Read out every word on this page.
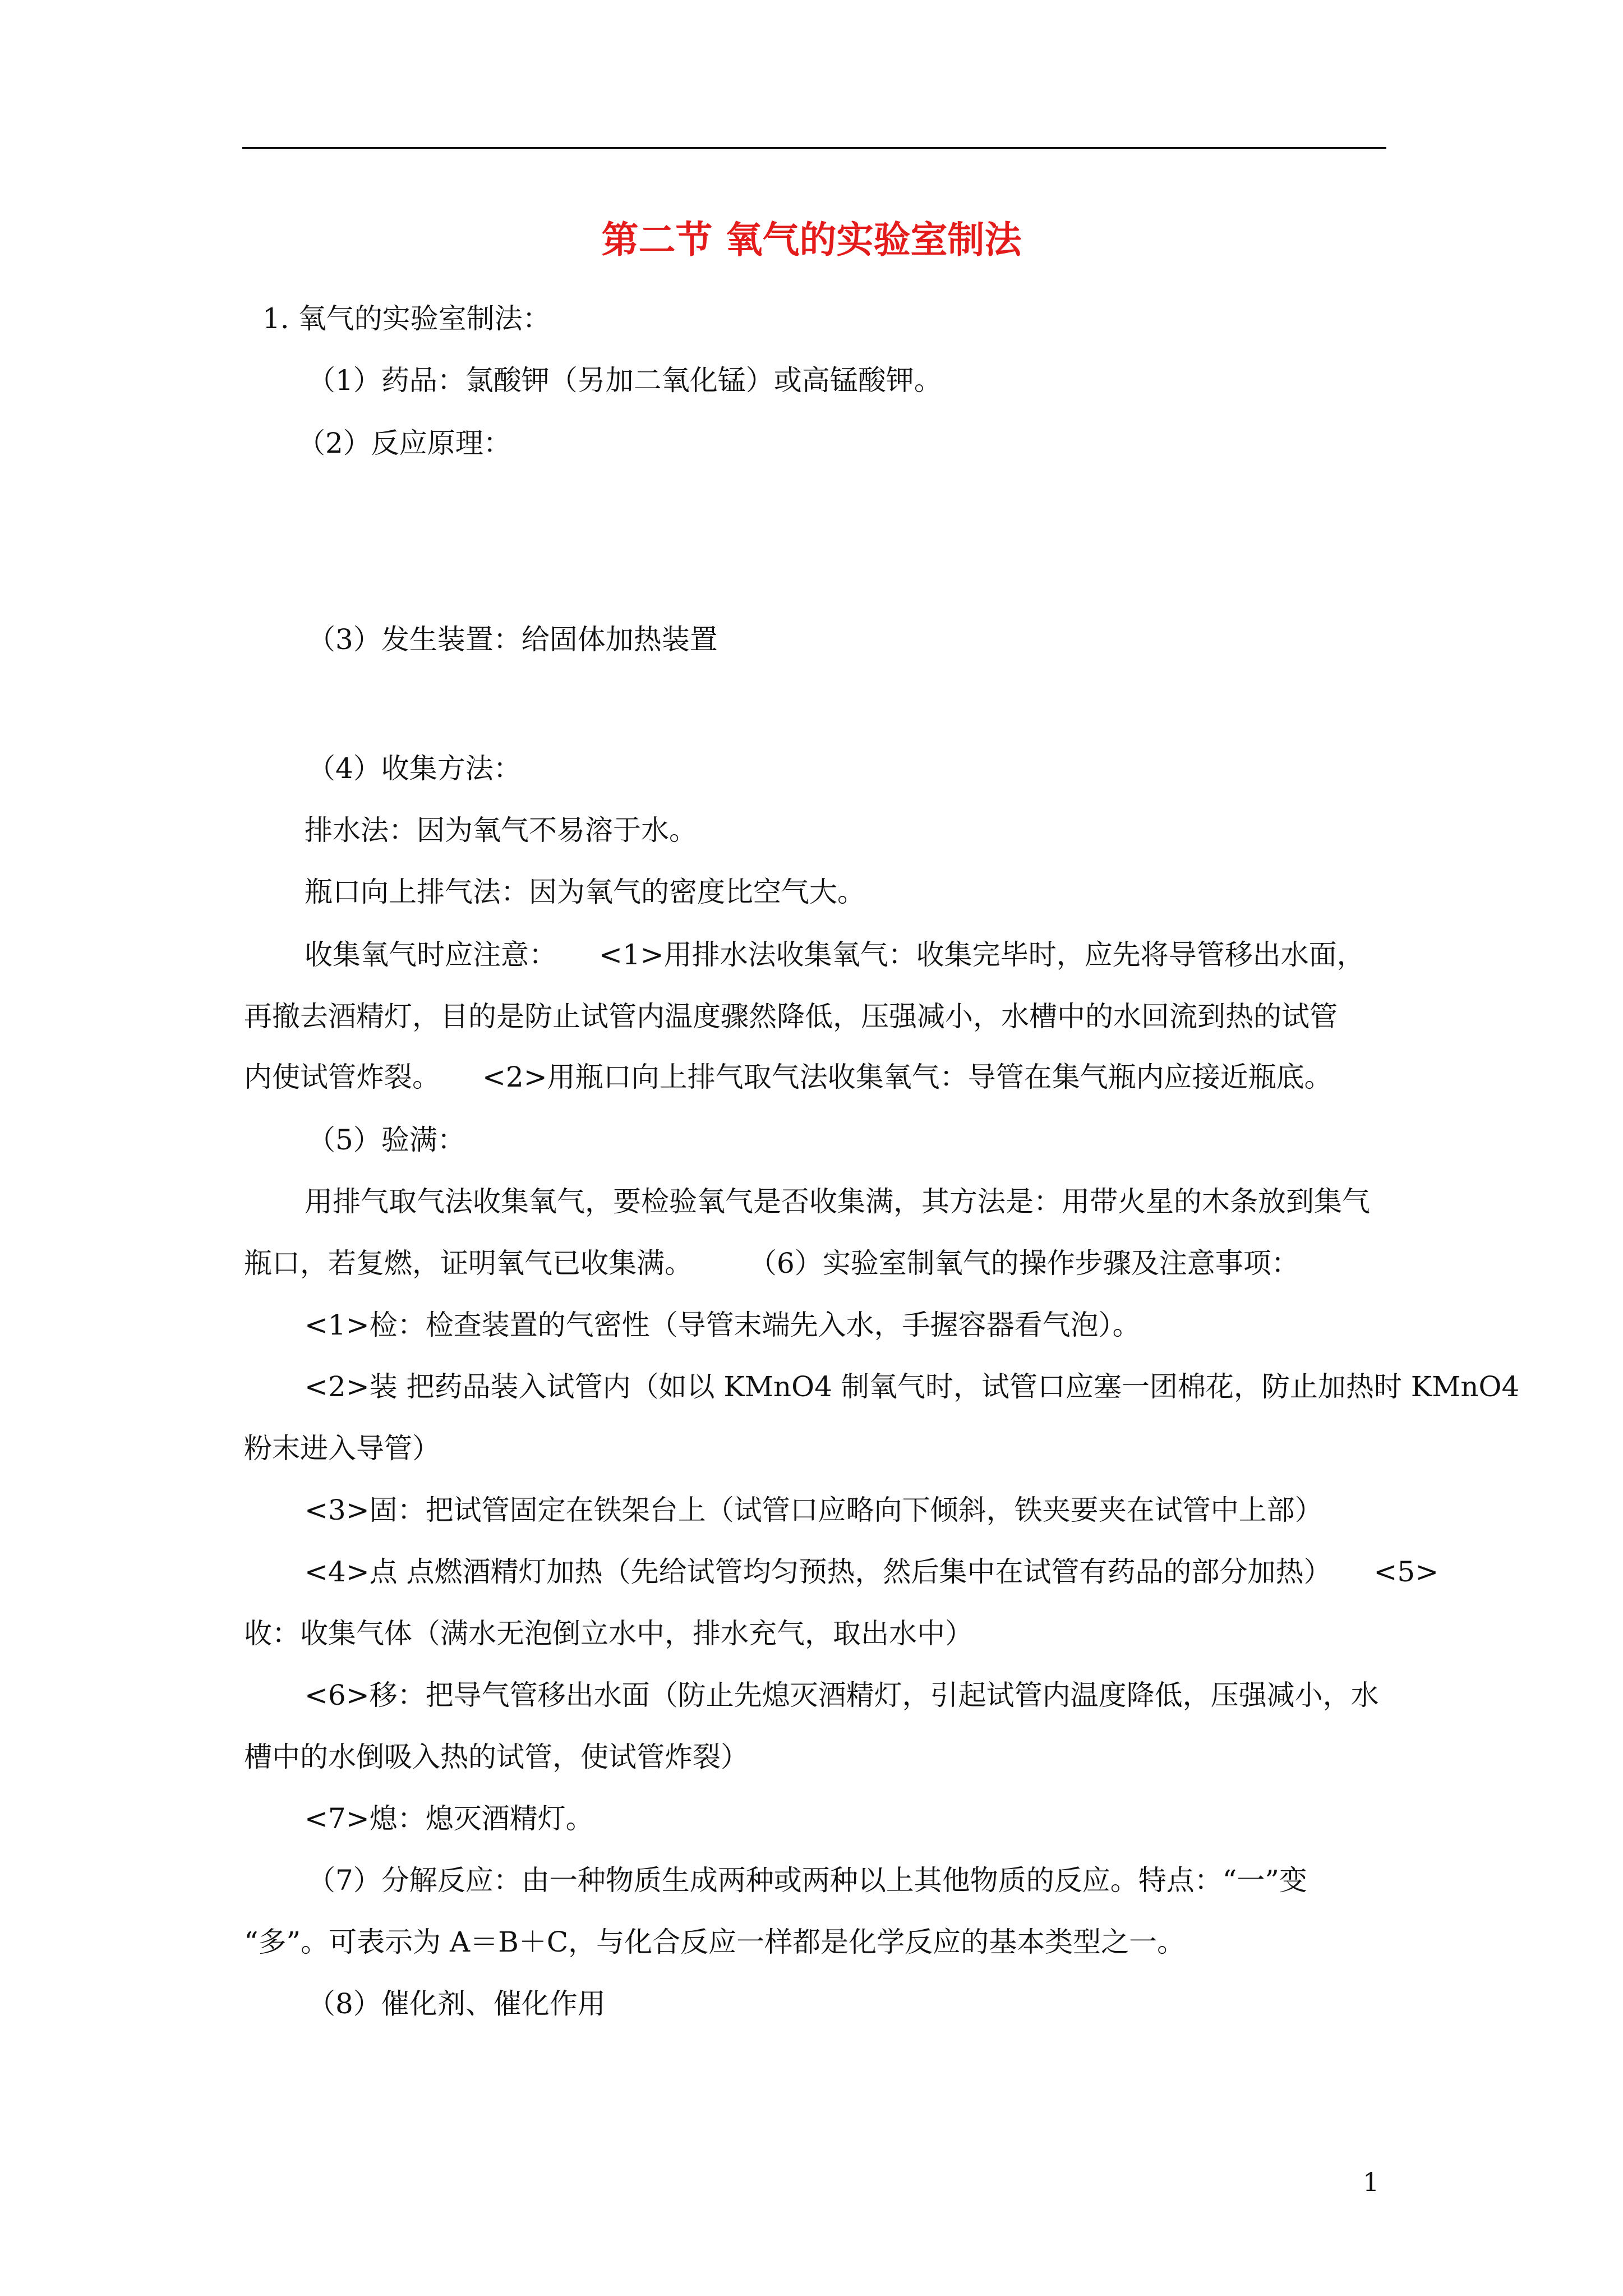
第二节 氧气的实验室制法
1. 氧气的实验室制法：
（1）药品：氯酸钾（另加二氧化锰）或高锰酸钾。
（2）反应原理：
（3）发生装置：给固体加热装置
（4）收集方法：
排水法：因为氧气不易溶于水。
瓶口向上排气法：因为氧气的密度比空气大。
收集氧气时应注意：　　<1>用排水法收集氧气：收集完毕时，应先将导管移出水面，
再撤去酒精灯，目的是防止试管内温度骤然降低，压强减小，水槽中的水回流到热的试管
内使试管炸裂。　　<2>用瓶口向上排气取气法收集氧气：导管在集气瓶内应接近瓶底。
（5）验满：
用排气取气法收集氧气，要检验氧气是否收集满，其方法是：用带火星的木条放到集气
瓶口，若复燃，证明氧气已收集满。　　　（6）实验室制氧气的操作步骤及注意事项：
<1>检：检查装置的气密性（导管末端先入水，手握容器看气泡）。
<2>装 把药品装入试管内（如以 KMnO4 制氧气时，试管口应塞一团棉花，防止加热时 KMnO4
粉末进入导管）
<3>固：把试管固定在铁架台上（试管口应略向下倾斜，铁夹要夹在试管中上部）
<4>点 点燃酒精灯加热（先给试管均匀预热，然后集中在试管有药品的部分加热）　　<5>
收：收集气体（满水无泡倒立水中，排水充气，取出水中）
<6>移：把导气管移出水面（防止先熄灭酒精灯，引起试管内温度降低，压强减小，水
槽中的水倒吸入热的试管，使试管炸裂）
<7>熄：熄灭酒精灯。
（7）分解反应：由一种物质生成两种或两种以上其他物质的反应。特点：“一”变
“多”。可表示为 A＝B＋C，与化合反应一样都是化学反应的基本类型之一。
（8）催化剂、催化作用
1
